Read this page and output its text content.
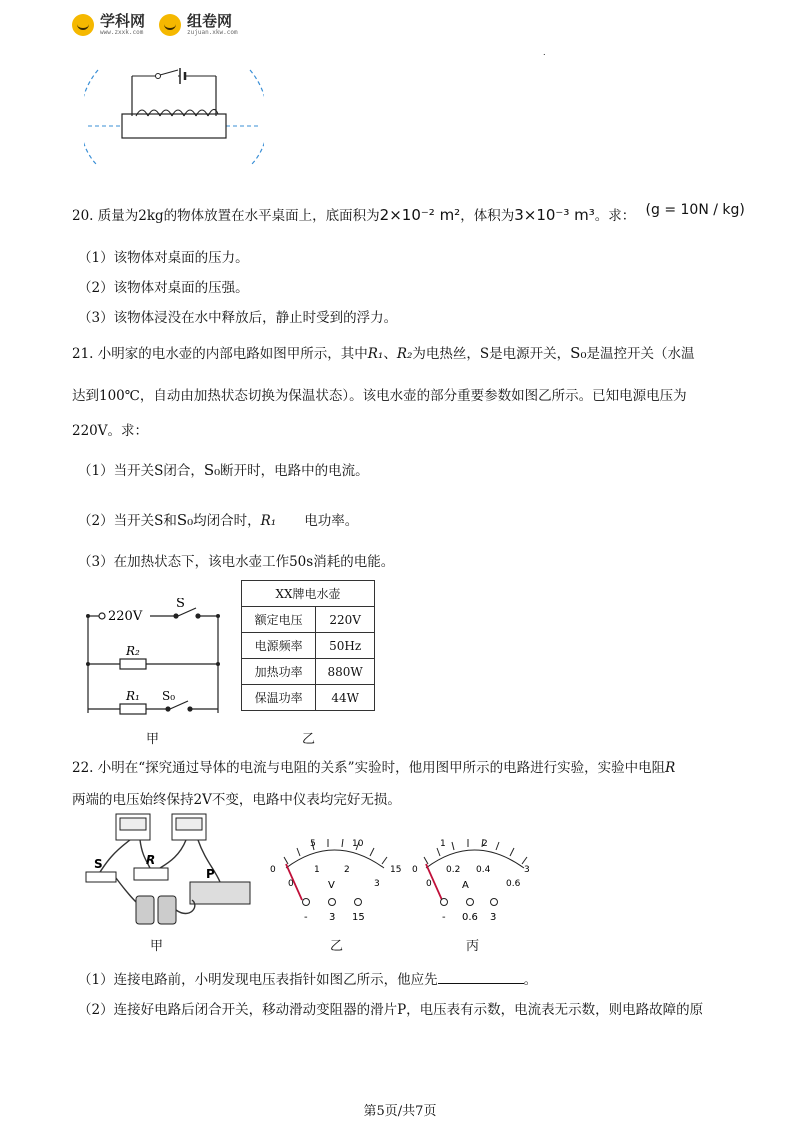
学科网
www.zxxk.com
组卷网
zujuan.xkw.com
.
20. 质量为2kg的物体放置在水平桌面上，底面积为2×10⁻² m²，体积为3×10⁻³ m³。求： (g = 10N / kg)
（1）该物体对桌面的压力。
（2）该物体对桌面的压强。
（3）该物体浸没在水中释放后，静止时受到的浮力。
21. 小明家的电水壶的内部电路如图甲所示，其中R₁、R₂为电热丝，S是电源开关，S₀是温控开关（水温
达到100℃，自动由加热状态切换为保温状态）。该电水壶的部分重要参数如图乙所示。已知电源电压为
220V。求：
（1）当开关S闭合，S₀断开时，电路中的电流。
（2）当开关S和S₀均闭合时，R₁ 电功率。
（3）在加热状态下，该电水壶工作50s消耗的电能。
220V
S
R₂
R₁ S₀
甲
XX牌电水壶	
额定电压	220V
电源频率	50Hz
加热功率	880W
保温功率	44W
乙
22. 小明在“探究通过导体的电流与电阻的关系”实验时，他用图甲所示的电路进行实验，实验中电阻R
两端的电压始终保持2V不变，电路中仪表均完好无损。
S	R
P
5	10
15
0
0
1	2
3
V
- 3 15
1	2
3
0
0
0.2 0.4
0.6
A
- 0.6 3
甲	乙	丙
（1）连接电路前，小明发现电压表指针如图乙所示，他应先	。
（2）连接好电路后闭合开关，移动滑动变阻器的滑片P，电压表有示数，电流表无示数，则电路故障的原
第5页/共7页
